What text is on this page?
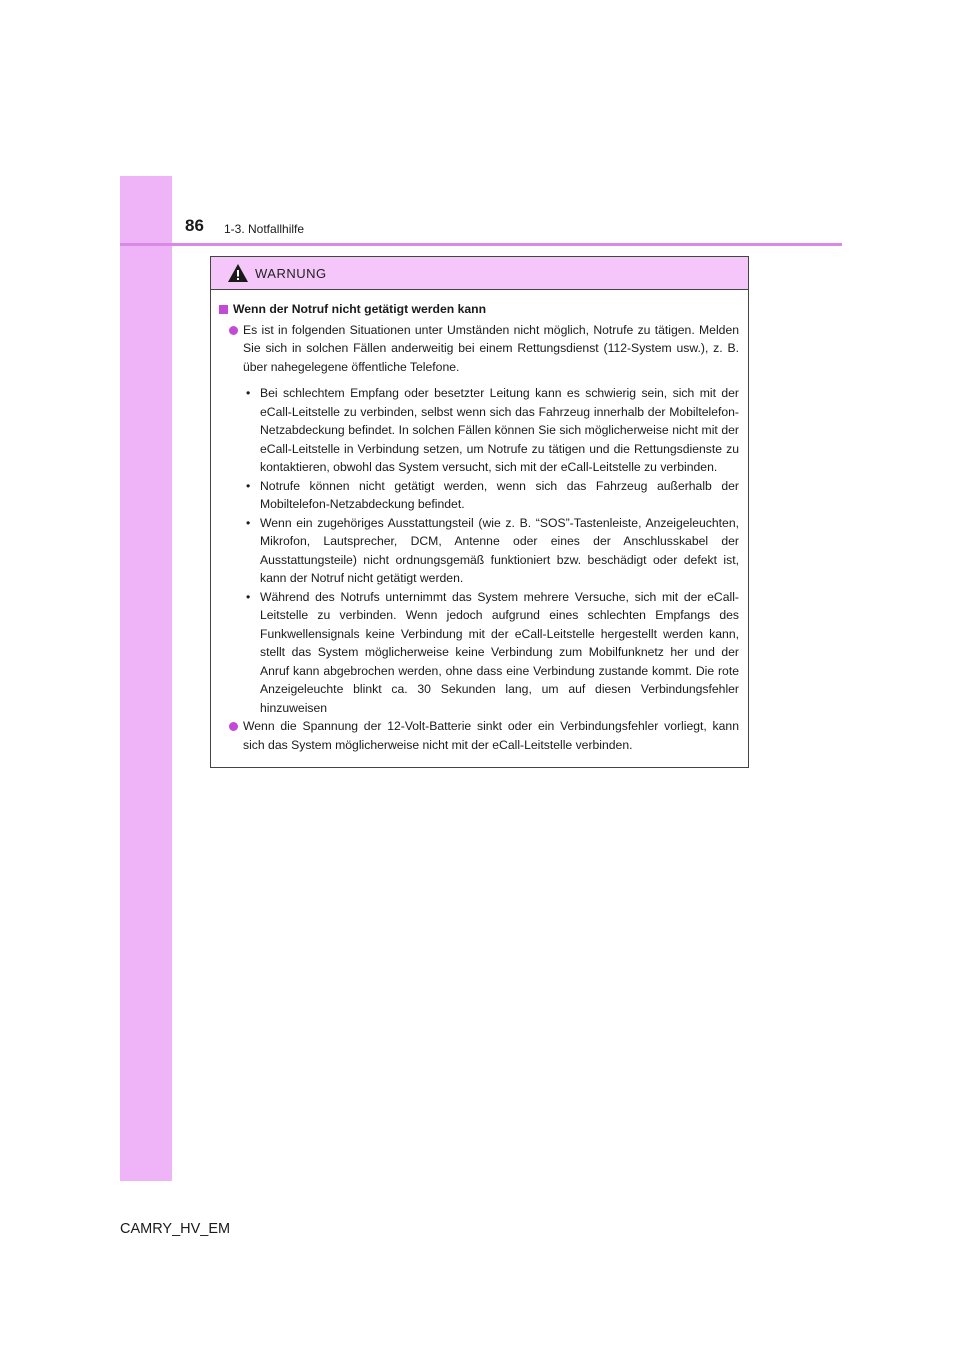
86 1-3. Notfallhilfe
WARNUNG
Wenn der Notruf nicht getätigt werden kann
Es ist in folgenden Situationen unter Umständen nicht möglich, Notrufe zu tätigen. Melden Sie sich in solchen Fällen anderweitig bei einem Rettungsdienst (112-System usw.), z. B. über nahegelegene öffentliche Telefone.
• Bei schlechtem Empfang oder besetzter Leitung kann es schwierig sein, sich mit der eCall-Leitstelle zu verbinden, selbst wenn sich das Fahrzeug innerhalb der Mobiltelefon-Netzabdeckung befindet. In solchen Fällen können Sie sich möglicherweise nicht mit der eCall-Leitstelle in Verbindung setzen, um Notrufe zu tätigen und die Rettungsdienste zu kontaktieren, obwohl das System versucht, sich mit der eCall-Leitstelle zu verbinden.
• Notrufe können nicht getätigt werden, wenn sich das Fahrzeug außerhalb der Mobiltelefon-Netzabdeckung befindet.
• Wenn ein zugehöriges Ausstattungsteil (wie z. B. “SOS”-Tastenleiste, Anzeigeleuchten, Mikrofon, Lautsprecher, DCM, Antenne oder eines der Anschlusskabel der Ausstattungsteile) nicht ordnungsgemäß funktioniert bzw. beschädigt oder defekt ist, kann der Notruf nicht getätigt werden.
• Während des Notrufs unternimmt das System mehrere Versuche, sich mit der eCall-Leitstelle zu verbinden. Wenn jedoch aufgrund eines schlechten Empfangs des Funkwellensignals keine Verbindung mit der eCall-Leitstelle hergestellt werden kann, stellt das System möglicherweise keine Verbindung zum Mobilfunknetz her und der Anruf kann abgebrochen werden, ohne dass eine Verbindung zustande kommt. Die rote Anzeigeleuchte blinkt ca. 30 Sekunden lang, um auf diesen Verbindungsfehler hinzuweisen
Wenn die Spannung der 12-Volt-Batterie sinkt oder ein Verbindungsfehler vorliegt, kann sich das System möglicherweise nicht mit der eCall-Leitstelle verbinden.
CAMRY_HV_EM
